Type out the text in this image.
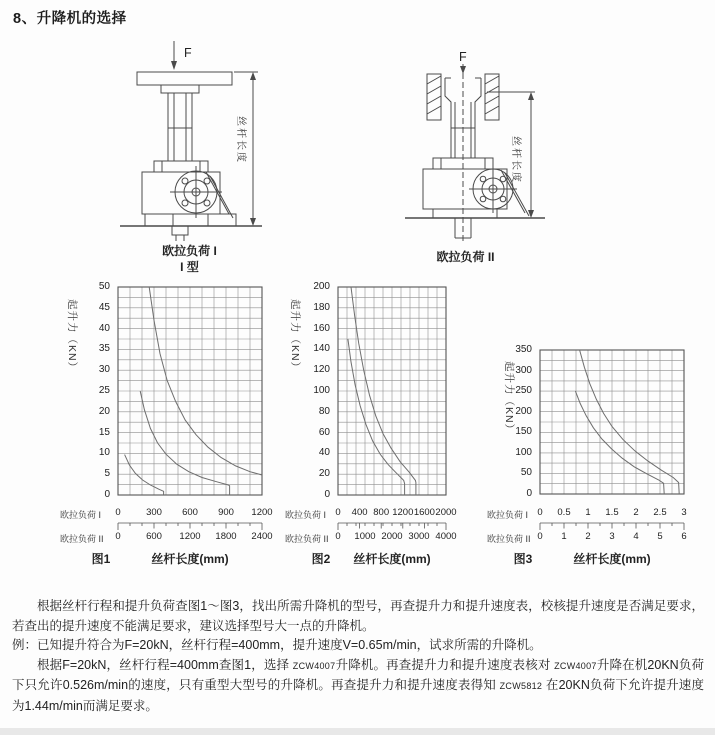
8、升降机的选择
F
丝杆长度
欧拉负荷 I
I 型
F
丝杆长度
欧拉负荷 II
起升力（KN）
图1	丝杆长度(mm)
0
5
10
15
20
25
30
35
40
45
50
欧拉负荷 I	0	300	600	900	1200
欧拉负荷 II	0	600	1200	1800	2400
起升力（KN）
图2	丝杆长度(mm)
0
20
40
60
80
100
120
140
160
180
200
欧拉负荷 I 0	400 800 1200 1600 2000
欧拉负荷 II 0	1000 2000 3000 4000
起升力（KN）
图3	丝杆长度(mm)
0
50
100
150
200
250
300
350
欧拉负荷 I 0	0.5	1	1.5	2	2.5	3
欧拉负荷 II 0	1	2	3	4	5	6

根据丝杆行程和提升负荷查图1～图3，找出所需升降机的型号，再查提升力和提升速度表，校核提升速度是否满足要求，若查出的提升速度不能满足要求，建议选择型号大一点的升降机。

例：已知提升符合为F=20kN，丝杆行程=400mm，提升速度V=0.65m/min，试求所需的升降机。

根据F=20kN，丝杆行程=400mm查图1，选择 ZCW4007升降机。再查提升力和提升速度表核对 ZCW4007升降在机20KN负荷下只允许0.526m/min的速度，只有重型大型号的升降机。再查提升力和提升速度表得知 ZCW5812 在20KN负荷下允许提升速度为1.44m/min而满足要求。
